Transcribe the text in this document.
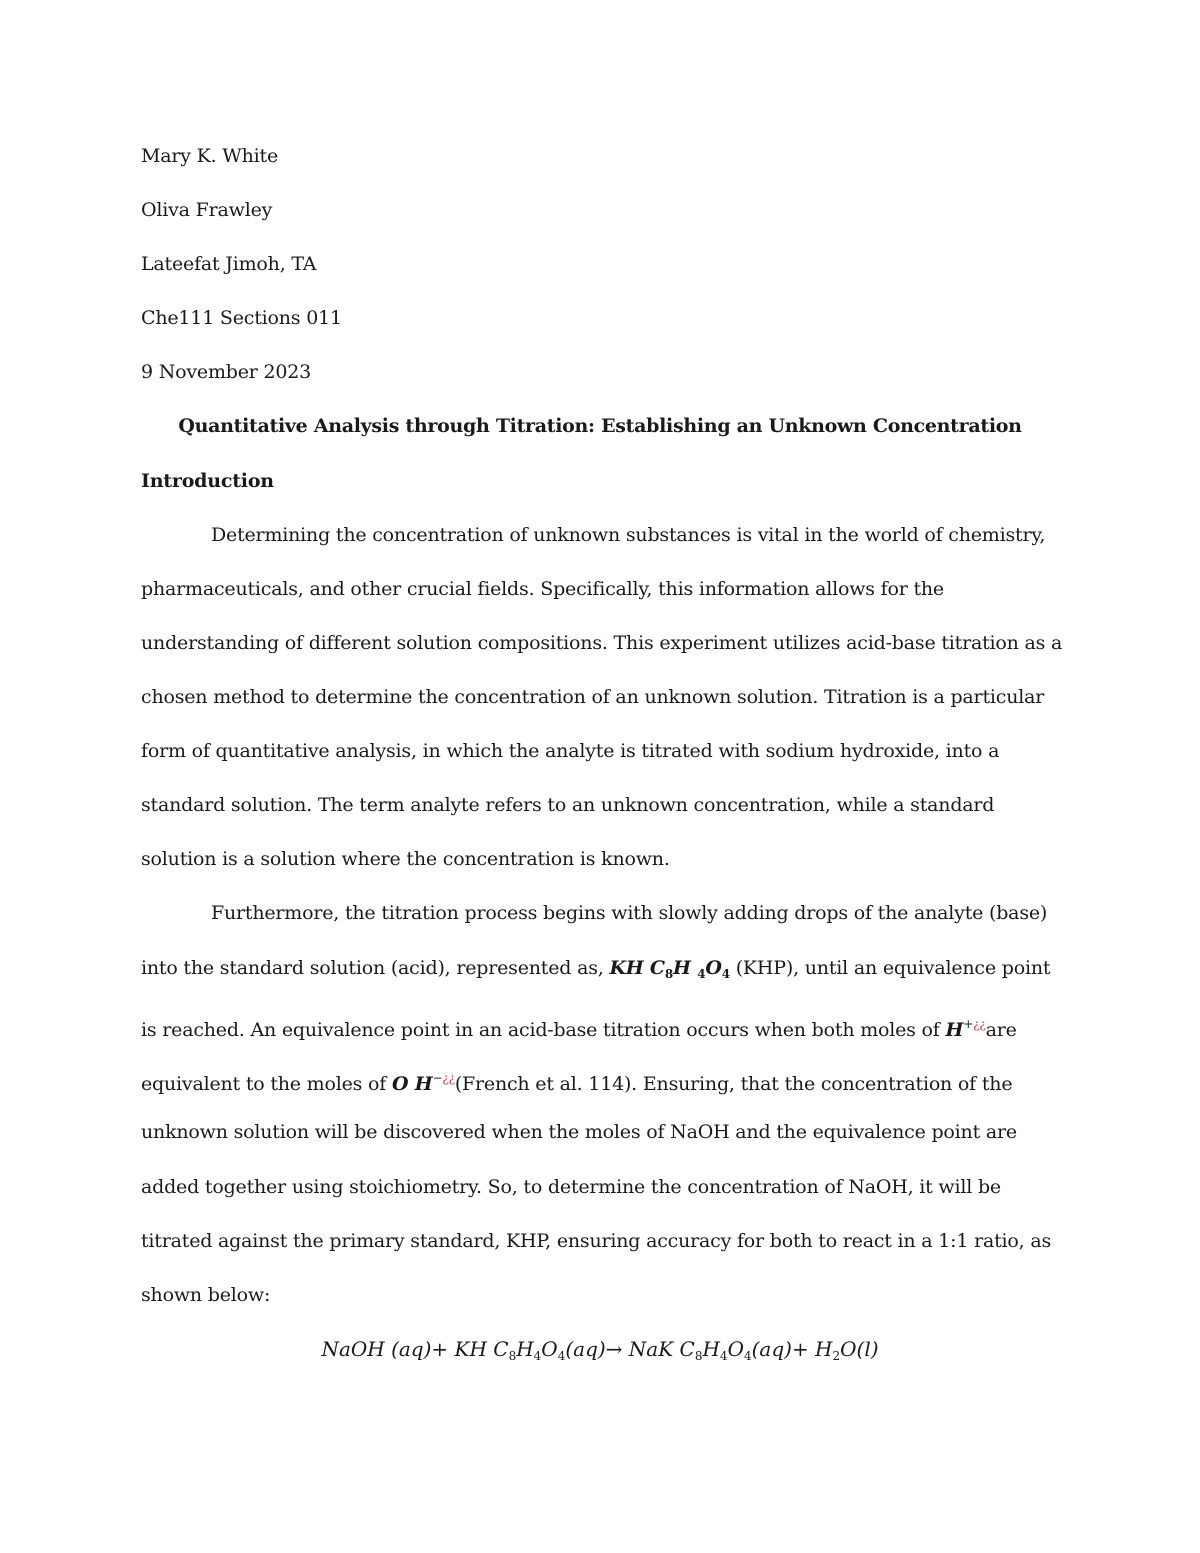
Mary K. White
Oliva Frawley
Lateefat Jimoh, TA
Che111 Sections 011
9 November 2023
Quantitative Analysis through Titration: Establishing an Unknown Concentration
Introduction
Determining the concentration of unknown substances is vital in the world of chemistry,
pharmaceuticals, and other crucial fields. Specifically, this information allows for the
understanding of different solution compositions. This experiment utilizes acid-base titration as a
chosen method to determine the concentration of an unknown solution. Titration is a particular
form of quantitative analysis, in which the analyte is titrated with sodium hydroxide, into a
standard solution. The term analyte refers to an unknown concentration, while a standard
solution is a solution where the concentration is known.
Furthermore, the titration process begins with slowly adding drops of the analyte (base)
into the standard solution (acid), represented as, KH $C_8H$ $_4O_4$ (KHP), until an equivalence point
is reached. An equivalence point in an acid-base titration occurs when both moles of H+¿¿are
equivalent to the moles of O H−¿¿(French et al. 114). Ensuring, that the concentration of the
unknown solution will be discovered when the moles of NaOH and the equivalence point are
added together using stoichiometry. So, to determine the concentration of NaOH, it will be
titrated against the primary standard, KHP, ensuring accuracy for both to react in a 1:1 ratio, as
shown below:
NaOH (aq)+ KH $C_8H_4O_4(aq)\to$ NaK $C_8H_4O_4(aq)+ H_2O(l)$
